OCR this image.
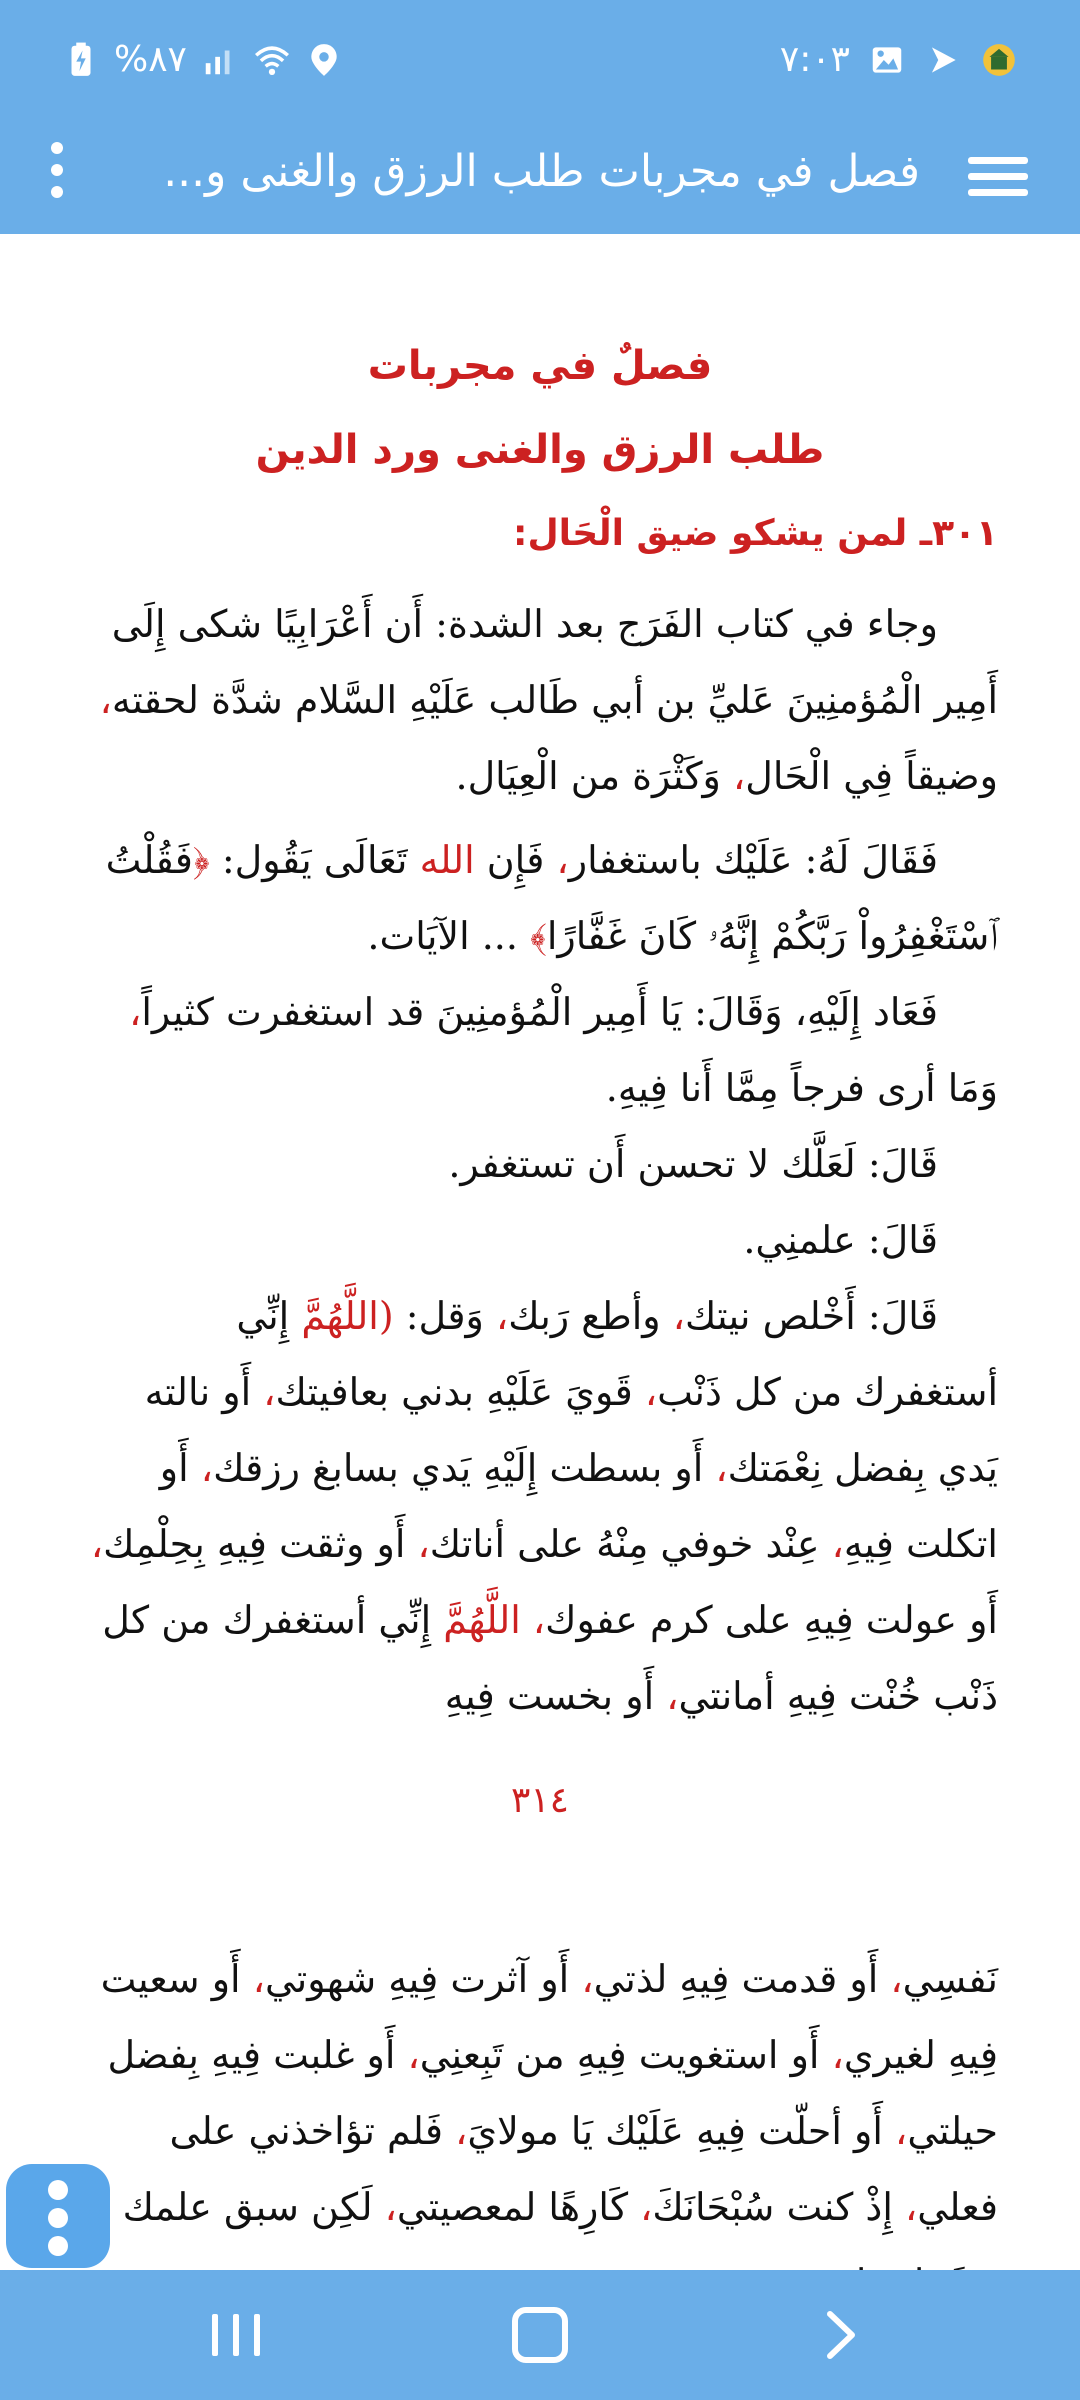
%٨٧	٧:٠٣
فصل في مجربات طلب الرزق والغنى و...
فصلٌ في مجربات
طلب الرزق والغنى ورد الدين
٣٠١ـ لمن يشكو ضيق الْحَال:

وجاء في كتاب الفَرَج بعد الشدة: أَن أَعْرَابِيًا شكى إِلَى أَمِير الْمُؤمنِينَ عَليِّ بن أبي طَالب عَلَيْهِ السَّلام شدَّة لحقته، وضيقاً فِي الْحَال، وَكَثْرَة من الْعِيَال.

فَقَالَ لَهُ: عَلَيْك باستغفار، فَإِن الله تَعَالَى يَقُول: ﴿فَقُلْتُ ٱسْتَغْفِرُواْ رَبَّكُمْ إِنَّهُۥ كَانَ غَفَّارًا﴾ ... الآيَات.

فَعَاد إِلَيْهِ، وَقَالَ: يَا أَمِير الْمُؤمنِينَ قد استغفرت كثيراً، وَمَا أرى فرجاً مِمَّا أَنا فِيهِ.

قَالَ: لَعَلَّك لا تحسن أَن تستغفر.

قَالَ: علمنِي.

قَالَ: أَخْلص نيتك، وأطع رَبك، وَقل: (اللَّهُمَّ إِنِّي أستغفرك من كل ذَنْب، قَويَ عَلَيْهِ بدني بعافيتك، أَو نالته يَدي بِفضل نِعْمَتك، أَو بسطت إِلَيْهِ يَدي بسابغ رزقك، أَو اتكلت فِيهِ، عِنْد خوفي مِنْهُ على أناتك، أَو وثقت فِيهِ بِحِلْمِك، أَو عولت فِيهِ على كرم عفوك، اللَّهُمَّ إِنِّي أستغفرك من كل ذَنْب خُنْت فِيهِ أمانتي، أَو بخست فِيهِ

٣١٤

نَفسِي، أَو قدمت فِيهِ لذتي، أَو آثرت فِيهِ شهوتي، أَو سعيت فِيهِ لغيري، أَو استغويت فِيهِ من تَبِعنِي، أَو غلبت فِيهِ بِفضل حيلتي، أَو أحلّت فِيهِ عَلَيْك يَا مولايَ، فَلم تؤاخذني على فعلي، إِذْ كنت سُبْحَانَكَ، كَارِهًا لمعصيتي، لَكِن سبق علمك
